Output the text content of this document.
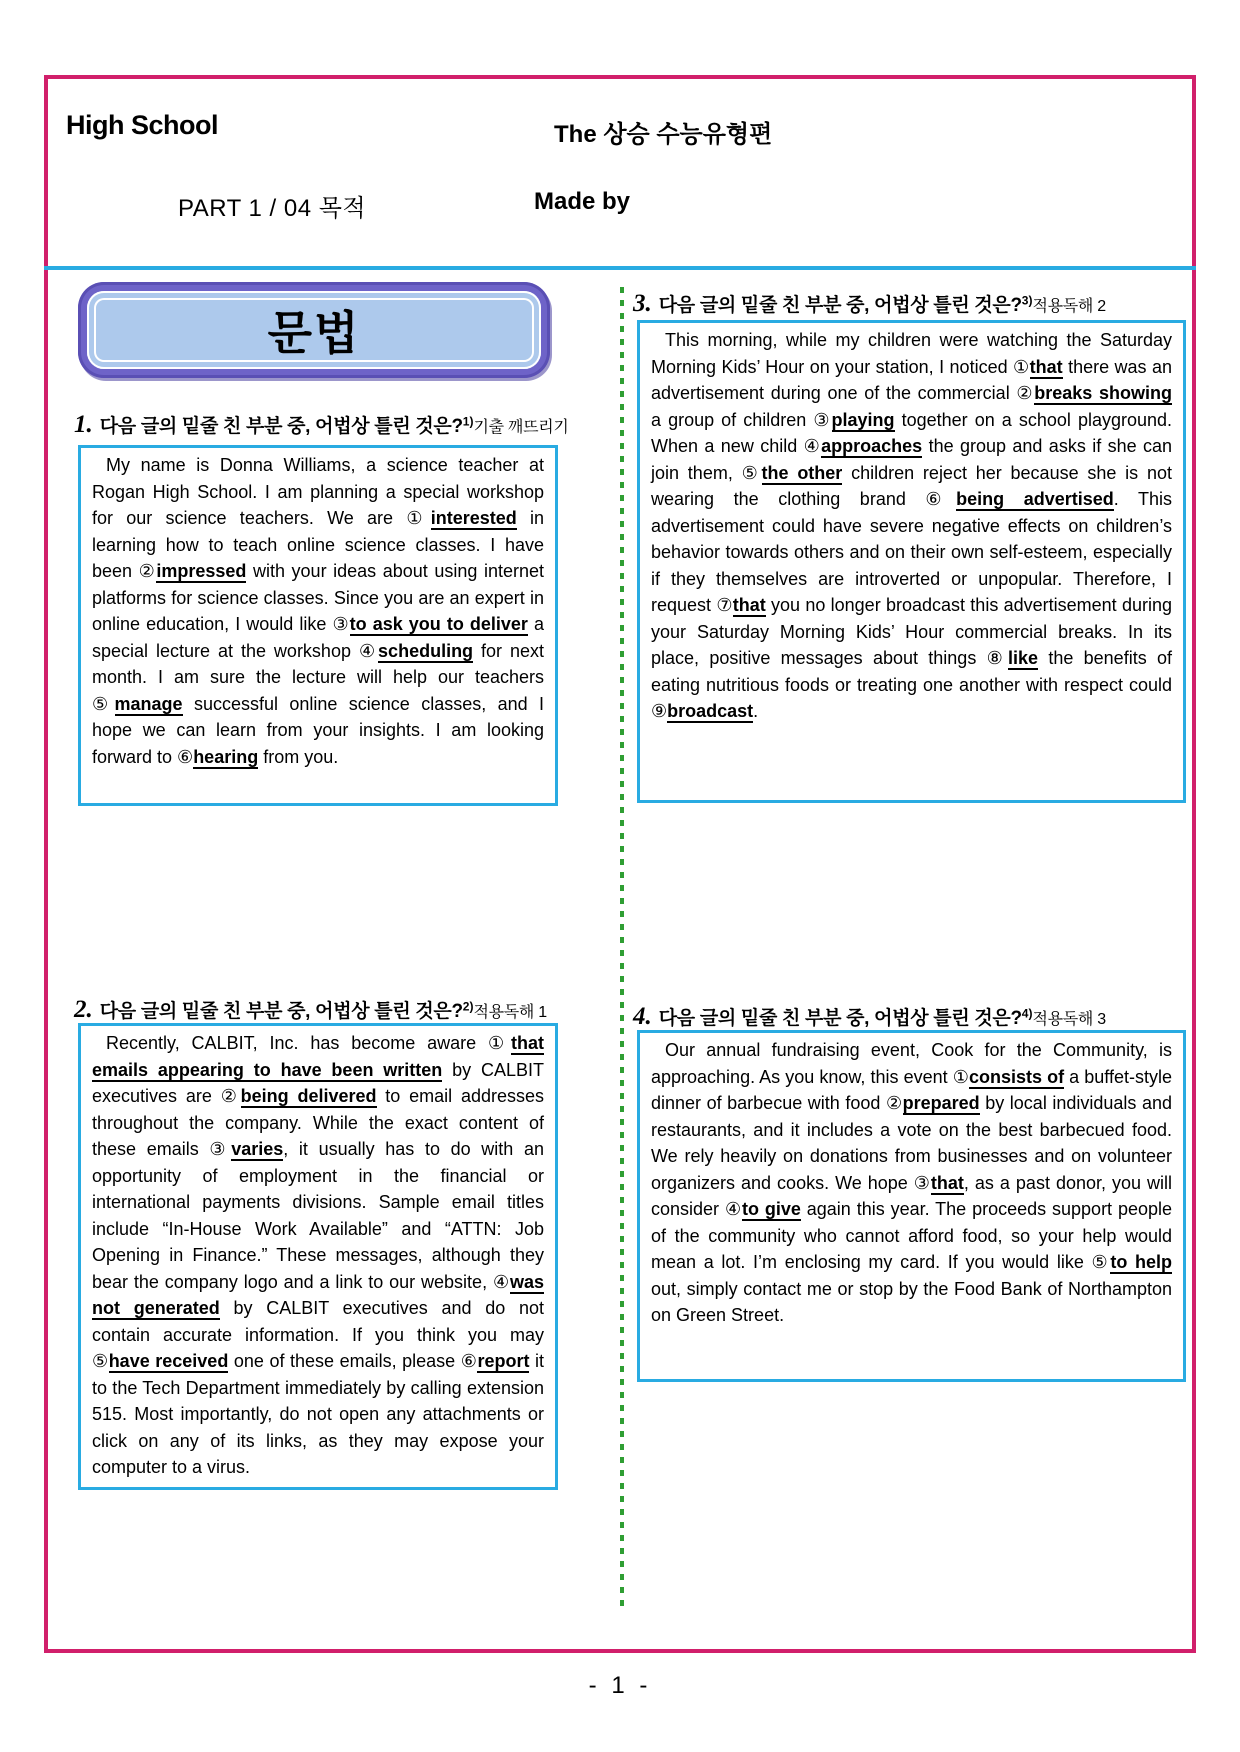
High School	The 상승 수능유형편
PART 1 / 04 목적	Made by
문법
1. 다음 글의 밑줄 친 부분 중, 어법상 틀린 것은?$^{1)}$기출 깨뜨리기
My name is Donna Williams, a science teacher at Rogan High School. I am planning a special workshop for our science teachers. We are ①interested in learning how to teach online science classes. I have been ②impressed with your ideas about using internet platforms for science classes. Since you are an expert in online education, I would like ③to ask you to deliver a special lecture at the workshop ④scheduling for next month. I am sure the lecture will help our teachers ⑤manage successful online science classes, and I hope we can learn from your insights. I am looking forward to ⑥hearing from you.
2. 다음 글의 밑줄 친 부분 중, 어법상 틀린 것은?$^{2)}$적용독해 1
Recently, CALBIT, Inc. has become aware ①that emails appearing to have been written by CALBIT executives are ②being delivered to email addresses throughout the company. While the exact content of these emails ③varies, it usually has to do with an opportunity of employment in the financial or international payments divisions. Sample email titles include “In-House Work Available” and “ATTN: Job Opening in Finance.” These messages, although they bear the company logo and a link to our website, ④was not generated by CALBIT executives and do not contain accurate information. If you think you may ⑤have received one of these emails, please ⑥report it to the Tech Department immediately by calling extension 515. Most importantly, do not open any attachments or click on any of its links, as they may expose your computer to a virus.
3. 다음 글의 밑줄 친 부분 중, 어법상 틀린 것은?$^{3)}$적용독해 2
This morning, while my children were watching the Saturday Morning Kids’ Hour on your station, I noticed ①that there was an advertisement during one of the commercial ②breaks showing a group of children ③playing together on a school playground. When a new child ④approaches the group and asks if she can join them, ⑤the other children reject her because she is not wearing the clothing brand ⑥being advertised. This advertisement could have severe negative effects on children’s behavior towards others and on their own self-esteem, especially if they themselves are introverted or unpopular. Therefore, I request ⑦that you no longer broadcast this advertisement during your Saturday Morning Kids’ Hour commercial breaks. In its place, positive messages about things ⑧like the benefits of eating nutritious foods or treating one another with respect could ⑨broadcast.
4. 다음 글의 밑줄 친 부분 중, 어법상 틀린 것은?$^{4)}$적용독해 3
Our annual fundraising event, Cook for the Community, is approaching. As you know, this event ①consists of a buffet-style dinner of barbecue with food ②prepared by local individuals and restaurants, and it includes a vote on the best barbecued food. We rely heavily on donations from businesses and on volunteer organizers and cooks. We hope ③that, as a past donor, you will consider ④to give again this year. The proceeds support people of the community who cannot afford food, so your help would mean a lot. I’m enclosing my card. If you would like ⑤to help out, simply contact me or stop by the Food Bank of Northampton on Green Street.
- 1 -
